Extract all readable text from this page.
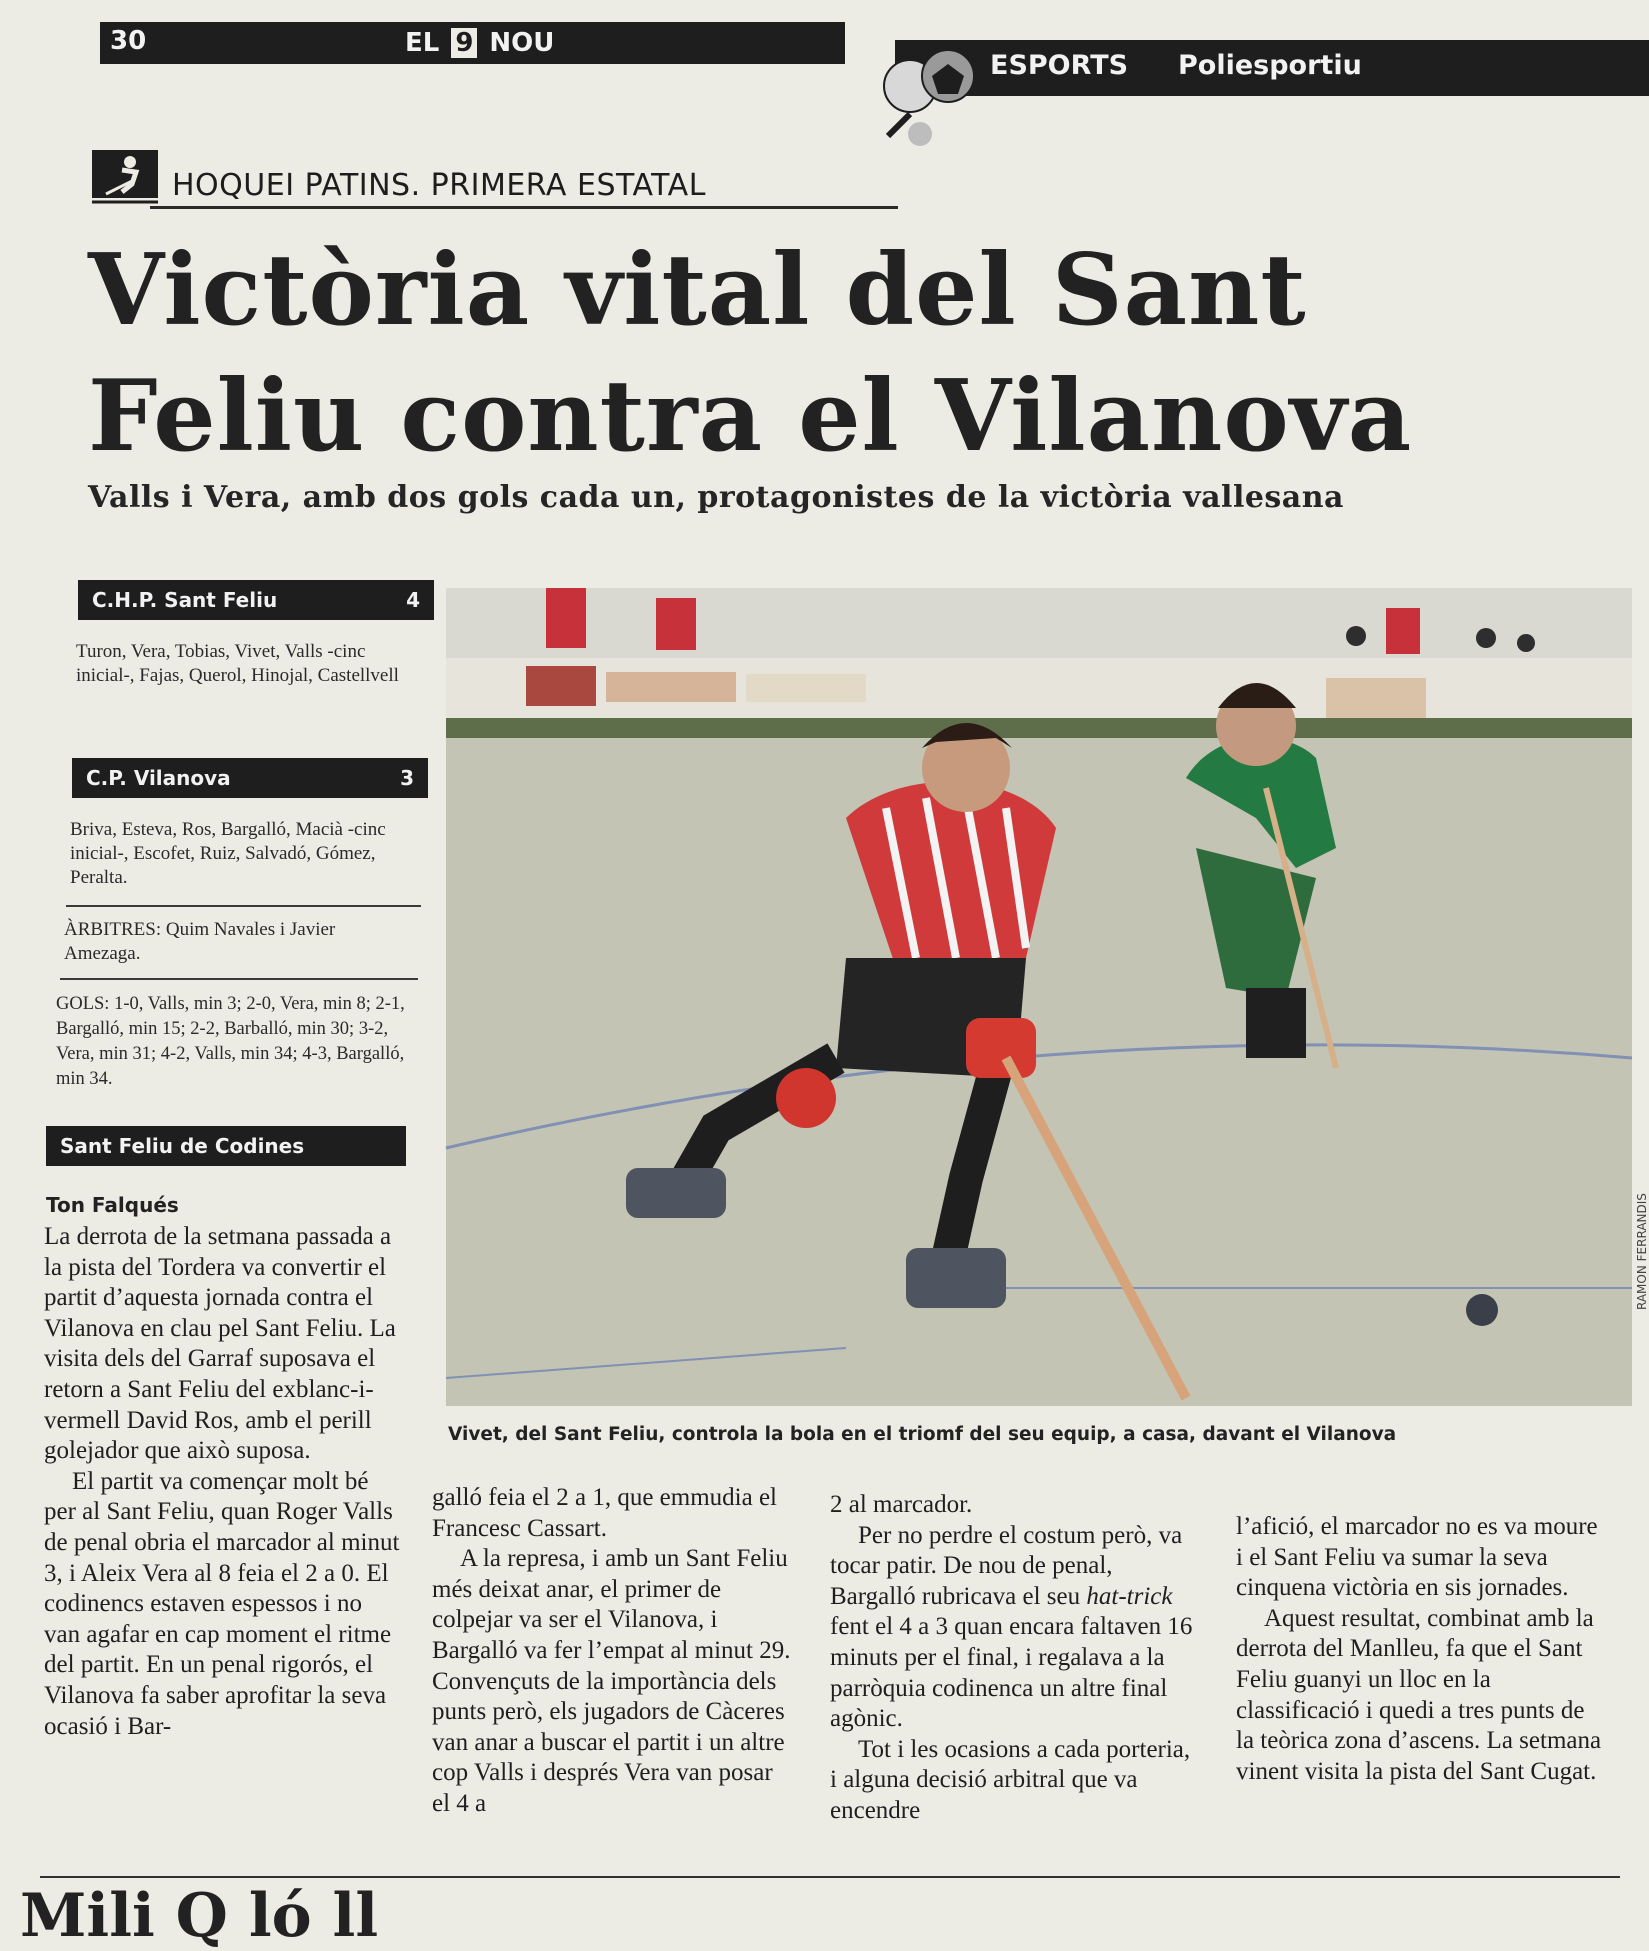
30	EL 9 NOU
ESPORTS Poliesportiu
HOQUEI PATINS. PRIMERA ESTATAL
Victòria vital del Sant Feliu contra el Vilanova
Valls i Vera, amb dos gols cada un, protagonistes de la victòria vallesana
C.H.P. Sant Feliu	4
Turon, Vera, Tobias, Vivet, Valls -cinc inicial-, Fajas, Querol, Hinojal, Castellvell
C.P. Vilanova	3
Briva, Esteva, Ros, Bargalló, Macià -cinc inicial-, Escofet, Ruiz, Salvadó, Gómez, Peralta.
ÀRBITRES: Quim Navales i Javier Amezaga.
GOLS: 1-0, Valls, min 3; 2-0, Vera, min 8; 2-1, Bargalló, min 15; 2-2, Barballó, min 30; 3-2, Vera, min 31; 4-2, Valls, min 34; 4-3, Bargalló, min 34.
Sant Feliu de Codines
RAMON FERRANDIS
Vivet, del Sant Feliu, controla la bola en el triomf del seu equip, a casa, davant el Vilanova
Ton Falqués

La derrota de la setmana passada a la pista del Tordera va convertir el partit d’aquesta jornada contra el Vilanova en clau pel Sant Feliu. La visita dels del Garraf suposava el retorn a Sant Feliu del exblanc-i-vermell David Ros, amb el perill golejador que això suposa.

El partit va començar molt bé per al Sant Feliu, quan Roger Valls de penal obria el marcador al minut 3, i Aleix Vera al 8 feia el 2 a 0. El codinencs estaven espessos i no van agafar en cap moment el ritme del partit. En un penal rigorós, el Vilanova fa saber aprofitar la seva ocasió i Bar-

galló feia el 2 a 1, que emmudia el Francesc Cassart.

A la represa, i amb un Sant Feliu més deixat anar, el primer de colpejar va ser el Vilanova, i Bargalló va fer l’empat al minut 29. Convençuts de la importància dels punts però, els jugadors de Càceres van anar a buscar el partit i un altre cop Valls i després Vera van posar el 4 a

2 al marcador.

Per no perdre el costum però, va tocar patir. De nou de penal, Bargalló rubricava el seu hat-trick fent el 4 a 3 quan encara faltaven 16 minuts per el final, i regalava a la parròquia codinenca un altre final agònic.

Tot i les ocasions a cada porteria, i alguna decisió arbitral que va encendre

l’afició, el marcador no es va moure i el Sant Feliu va sumar la seva cinquena victòria en sis jornades.

Aquest resultat, combinat amb la derrota del Manlleu, fa que el Sant Feliu guanyi un lloc en la classificació i quedi a tres punts de la teòrica zona d’ascens. La setmana vinent visita la pista del Sant Cugat.

Mili Q ló ll
